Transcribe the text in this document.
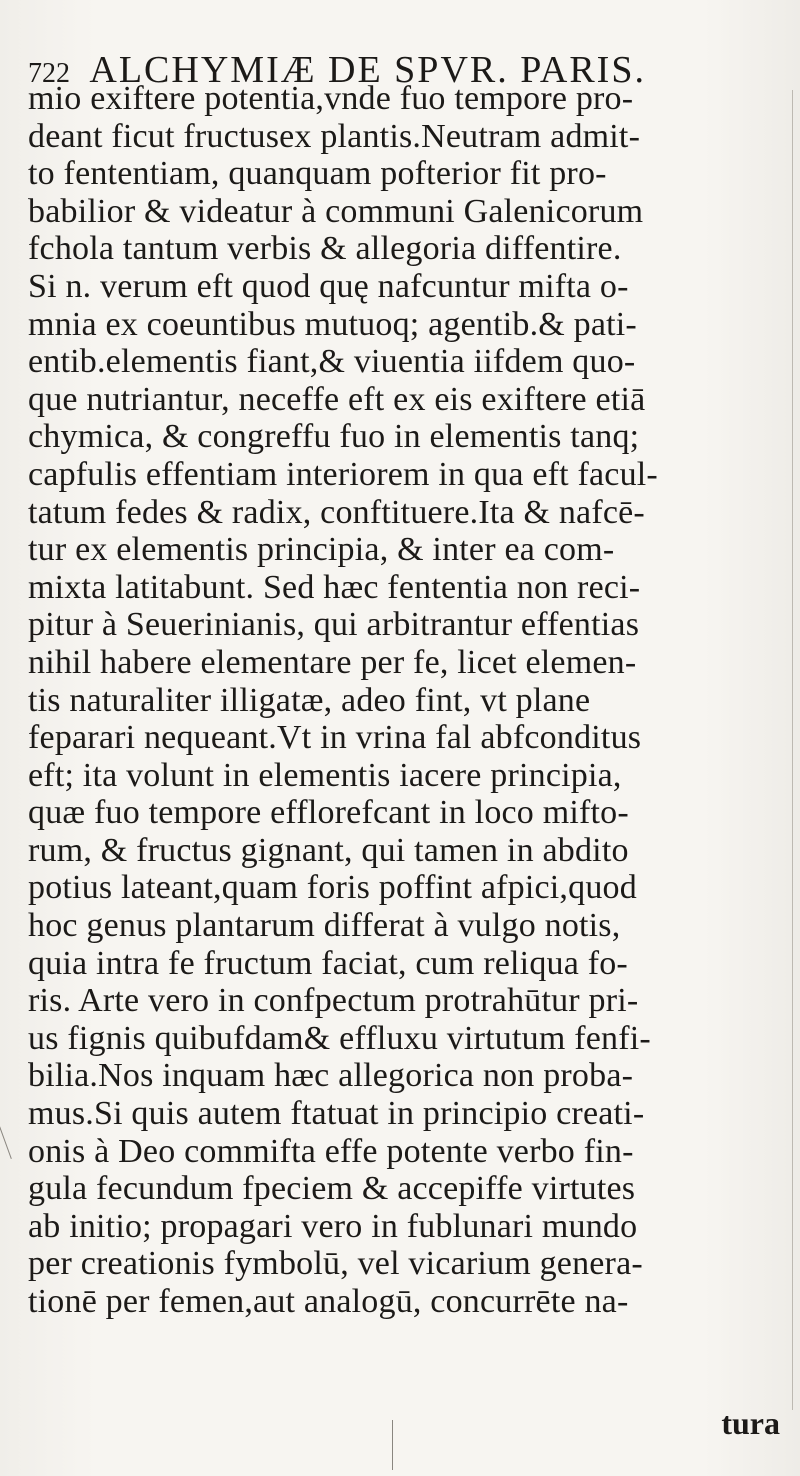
722 ALCHYMIÆ DE SPVR. PARIS.
mio exiftere potentia,vnde fuo tempore pro-
deant ficut fructusex plantis.Neutram admit-
to fententiam, quanquam pofterior fit pro-
babilior & videatur à communi Galenicorum
fchola tantum verbis & allegoria diffentire.
Si n. verum eft quod quę nafcuntur mifta o-
mnia ex coeuntibus mutuoq; agentib.& pati-
entib.elementis fiant,& viuentia iifdem quo-
que nutriantur, neceffe eft ex eis exiftere etiā
chymica, & congreffu fuo in elementis tanq;
capfulis effentiam interiorem in qua eft facul-
tatum fedes & radix, conftituere.Ita & nafcē-
tur ex elementis principia, & inter ea com-
mixta latitabunt. Sed hæc fententia non reci-
pitur à Seuerinianis, qui arbitrantur effentias
nihil habere elementare per fe, licet elemen-
tis naturaliter illigatæ, adeo fint, vt plane
feparari nequeant.Vt in vrina fal abfconditus
eft; ita volunt in elementis iacere principia,
quæ fuo tempore efflorefcant in loco mifto-
rum, & fructus gignant, qui tamen in abdito
potius lateant,quam foris poffint afpici,quod
hoc genus plantarum differat à vulgo notis,
quia intra fe fructum faciat, cum reliqua fo-
ris. Arte vero in confpectum protrahūtur pri-
us fignis quibufdam& effluxu virtutum fenfi-
bilia.Nos inquam hæc allegorica non proba-
mus.Si quis autem ftatuat in principio creati-
onis à Deo commifta effe potente verbo fin-
gula fecundum fpeciem & accepiffe virtutes
ab initio; propagari vero in fublunari mundo
per creationis fymbolū, vel vicarium genera-
tionē per femen,aut analogū, concurrēte na-
tura
